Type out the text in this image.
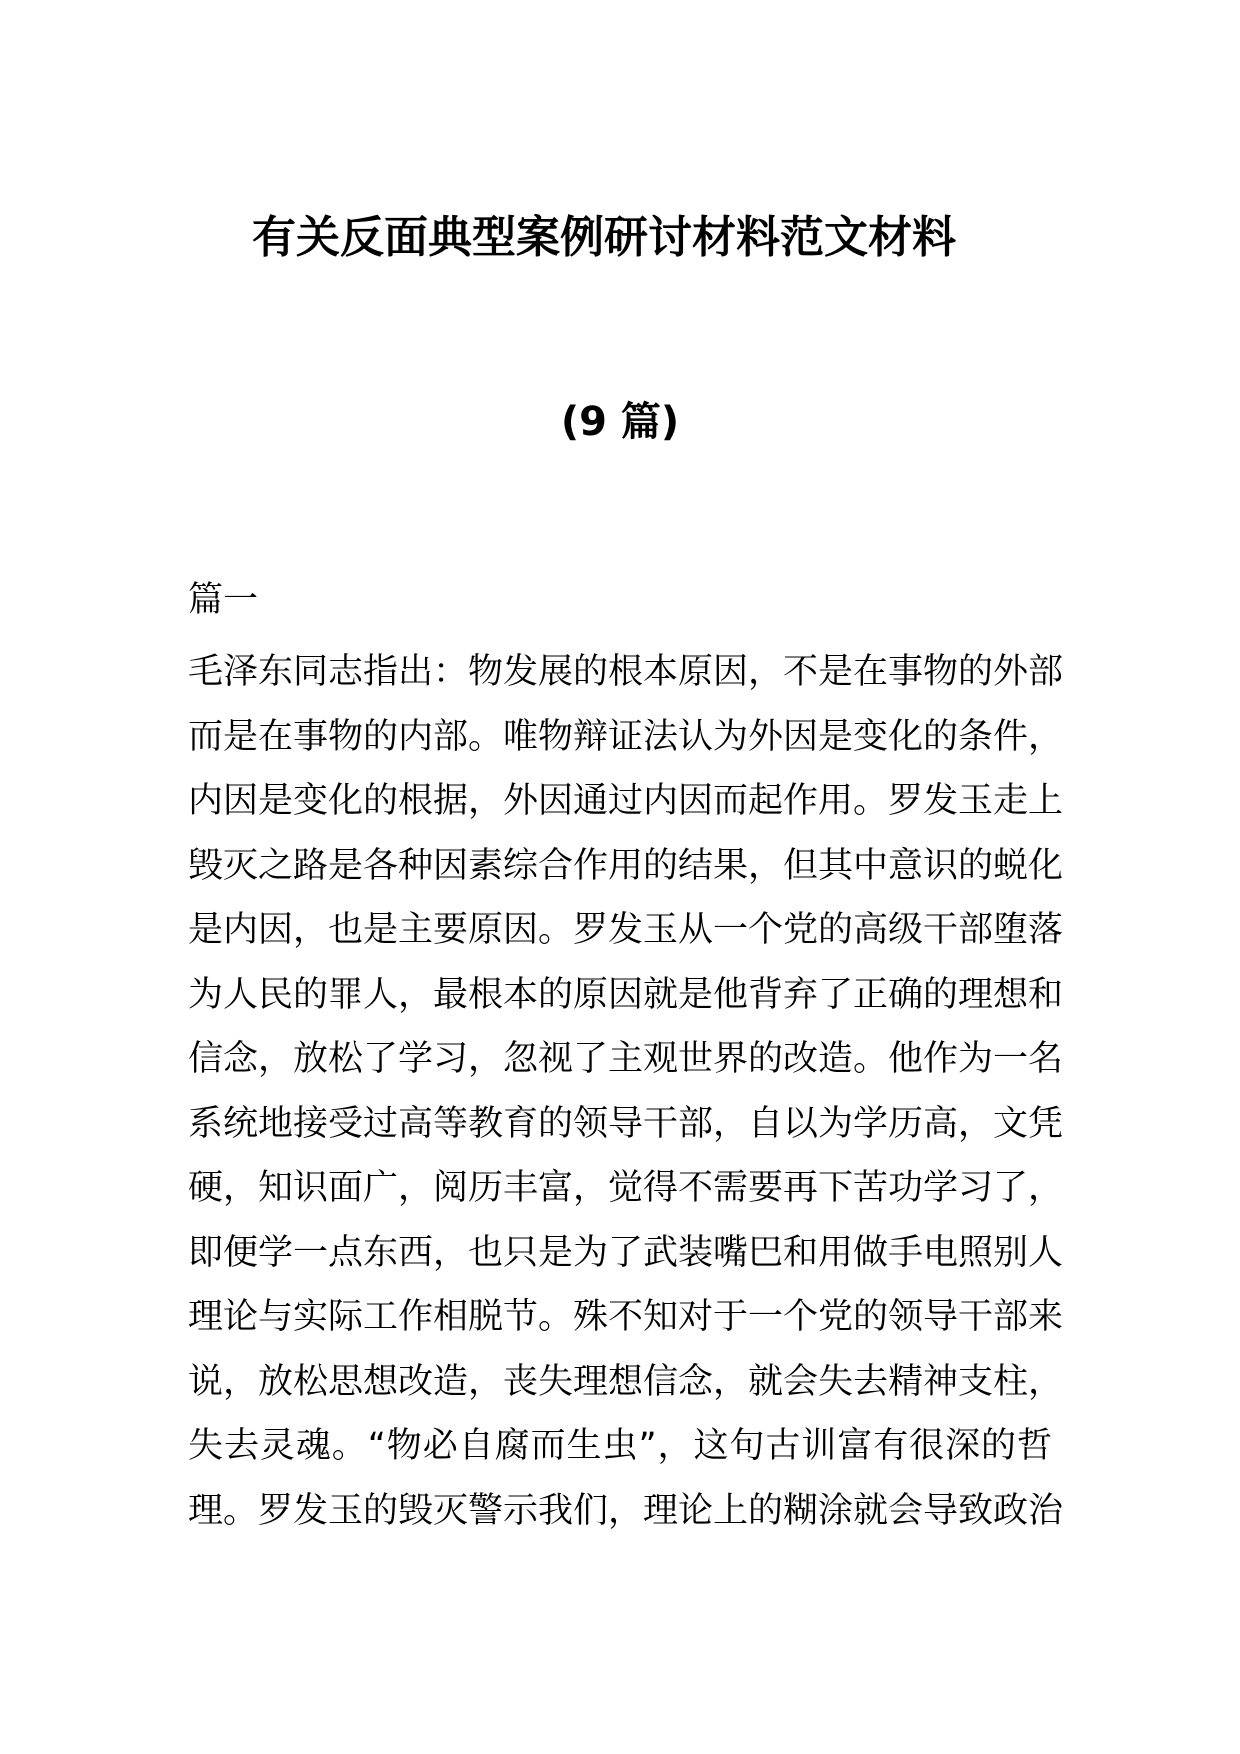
有关反面典型案例研讨材料范文材料
(9 篇)

篇一

毛泽东同志指出：物发展的根本原因，不是在事物的外部
而是在事物的内部。唯物辩证法认为外因是变化的条件，
内因是变化的根据，外因通过内因而起作用。罗发玉走上
毁灭之路是各种因素综合作用的结果，但其中意识的蜕化
是内因，也是主要原因。罗发玉从一个党的高级干部堕落
为人民的罪人，最根本的原因就是他背弃了正确的理想和
信念，放松了学习，忽视了主观世界的改造。他作为一名
系统地接受过高等教育的领导干部，自以为学历高，文凭
硬，知识面广，阅历丰富，觉得不需要再下苦功学习了，
即便学一点东西，也只是为了武装嘴巴和用做手电照别人
理论与实际工作相脱节。殊不知对于一个党的领导干部来
说，放松思想改造，丧失理想信念，就会失去精神支柱，
失去灵魂。“物必自腐而生虫”，这句古训富有很深的哲
理。罗发玉的毁灭警示我们，理论上的糊涂就会导致政治
